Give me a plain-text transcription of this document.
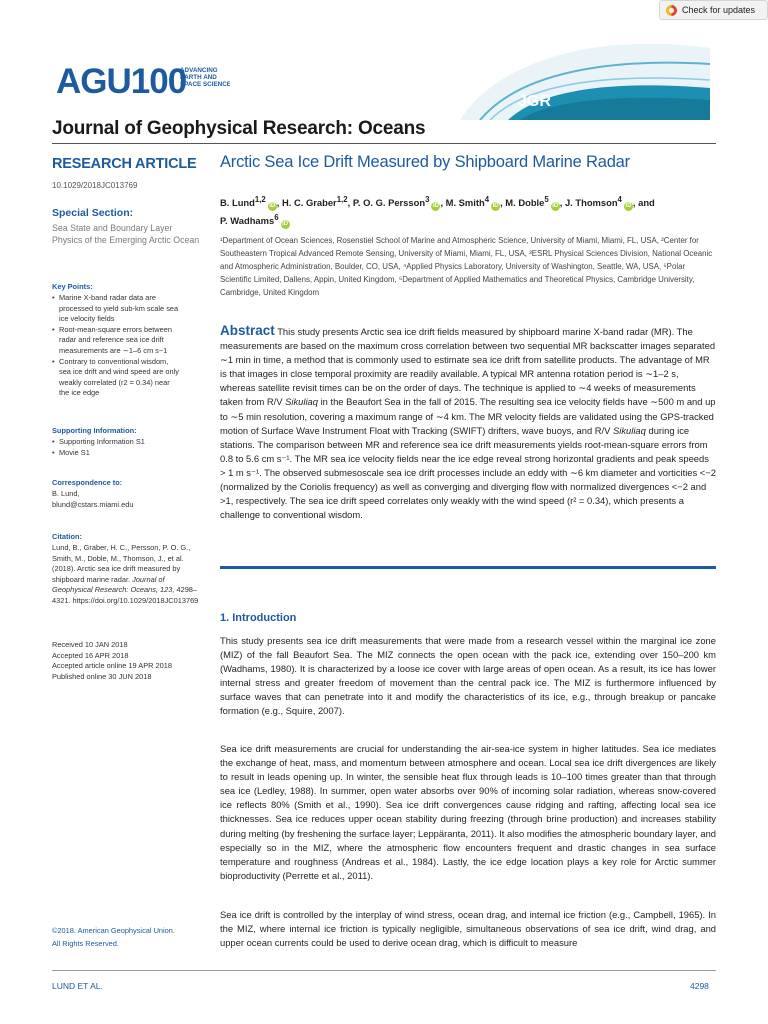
Check for updates
AGU100
ADVANCING
EARTH AND
SPACE SCIENCE
JGR
Journal of Geophysical Research: Oceans
RESEARCH ARTICLE
10.1029/2018JC013769
Special Section:
Sea State and Boundary Layer Physics of the Emerging Arctic Ocean
Key Points:
• Marine X-band radar data are processed to yield sub-km scale sea ice velocity fields
• Root-mean-square errors between radar and reference sea ice drift measurements are ∼1–6 cm s−1
• Contrary to conventional wisdom, sea ice drift and wind speed are only weakly correlated (r2 = 0.34) near the ice edge
Supporting Information:
• Supporting Information S1
• Movie S1
Correspondence to:
B. Lund,
blund@cstars.miami.edu
Citation:
Lund, B., Graber, H. C., Persson, P. O. G., Smith, M., Doble, M., Thomson, J., et al. (2018). Arctic sea ice drift measured by shipboard marine radar. Journal of Geophysical Research: Oceans, 123, 4298–4321. https://doi.org/10.1029/2018JC013769
Received 10 JAN 2018
Accepted 16 APR 2018
Accepted article online 19 APR 2018
Published online 30 JUN 2018
©2018. American Geophysical Union.
All Rights Reserved.
Arctic Sea Ice Drift Measured by Shipboard Marine Radar
B. Lund$^{1,2}$iD , H. C. Graber$^{1,2}$, P. O. G. Persson$^3$iD , M. Smith$^4$iD , M. Doble$^5$iD , J. Thomson$^4$iD , and
P. Wadhams$^6$iD
¹Department of Ocean Sciences, Rosenstiel School of Marine and Atmospheric Science, University of Miami, Miami, FL, USA, ²Center for Southeastern Tropical Advanced Remote Sensing, University of Miami, Miami, FL, USA, ³ESRL Physical Sciences Division, National Oceanic and Atmospheric Administration, Boulder, CO, USA, ⁴Applied Physics Laboratory, University of Washington, Seattle, WA, USA, ⁵Polar Scientific Limited, Dallens, Appin, United Kingdom, ⁶Department of Applied Mathematics and Theoretical Physics, Cambridge University, Cambridge, United Kingdom
Abstract This study presents Arctic sea ice drift fields measured by shipboard marine X-band radar (MR). The measurements are based on the maximum cross correlation between two sequential MR backscatter images separated ∼1 min in time, a method that is commonly used to estimate sea ice drift from satellite products. The advantage of MR is that images in close temporal proximity are readily available. A typical MR antenna rotation period is ∼1–2 s, whereas satellite revisit times can be on the order of days. The technique is applied to ∼4 weeks of measurements taken from R/V Sikuliaq in the Beaufort Sea in the fall of 2015. The resulting sea ice velocity fields have ∼500 m and up to ∼5 min resolution, covering a maximum range of ∼4 km. The MR velocity fields are validated using the GPS-tracked motion of Surface Wave Instrument Float with Tracking (SWIFT) drifters, wave buoys, and R/V Sikuliaq during ice stations. The comparison between MR and reference sea ice drift measurements yields root-mean-square errors from 0.8 to 5.6 cm s⁻¹. The MR sea ice velocity fields near the ice edge reveal strong horizontal gradients and peak speeds > 1 m s⁻¹. The observed submesoscale sea ice drift processes include an eddy with ∼6 km diameter and vorticities <−2 (normalized by the Coriolis frequency) as well as converging and diverging flow with normalized divergences <−2 and >1, respectively. The sea ice drift speed correlates only weakly with the wind speed (r² = 0.34), which presents a challenge to conventional wisdom.
1. Introduction
This study presents sea ice drift measurements that were made from a research vessel within the marginal ice zone (MIZ) of the fall Beaufort Sea. The MIZ connects the open ocean with the pack ice, extending over 150–200 km (Wadhams, 1980). It is characterized by a loose ice cover with large areas of open ocean. As a result, its ice has lower internal stress and greater freedom of movement than the central pack ice. The MIZ is furthermore influenced by surface waves that can penetrate into it and modify the characteristics of its ice, e.g., through breakup or pancake formation (e.g., Squire, 2007).
Sea ice drift measurements are crucial for understanding the air-sea-ice system in higher latitudes. Sea ice mediates the exchange of heat, mass, and momentum between atmosphere and ocean. Local sea ice drift divergences are likely to result in leads opening up. In winter, the sensible heat flux through leads is 10–100 times greater than that through sea ice (Ledley, 1988). In summer, open water absorbs over 90% of incoming solar radiation, whereas snow-covered ice reflects 80% (Smith et al., 1990). Sea ice drift convergences cause ridging and rafting, affecting local sea ice thicknesses. Sea ice reduces upper ocean stability during freezing (through brine production) and increases stability during melting (by freshening the surface layer; Leppäranta, 2011). It also modifies the atmospheric boundary layer, and especially so in the MIZ, where the atmospheric flow encounters frequent and drastic changes in sea surface temperature and roughness (Andreas et al., 1984). Lastly, the ice edge location plays a key role for Arctic summer bioproductivity (Perrette et al., 2011).
Sea ice drift is controlled by the interplay of wind stress, ocean drag, and internal ice friction (e.g., Campbell, 1965). In the MIZ, where internal ice friction is typically negligible, simultaneous observations of sea ice drift, wind drag, and upper ocean currents could be used to derive ocean drag, which is difficult to measure
LUND ET AL.	4298
